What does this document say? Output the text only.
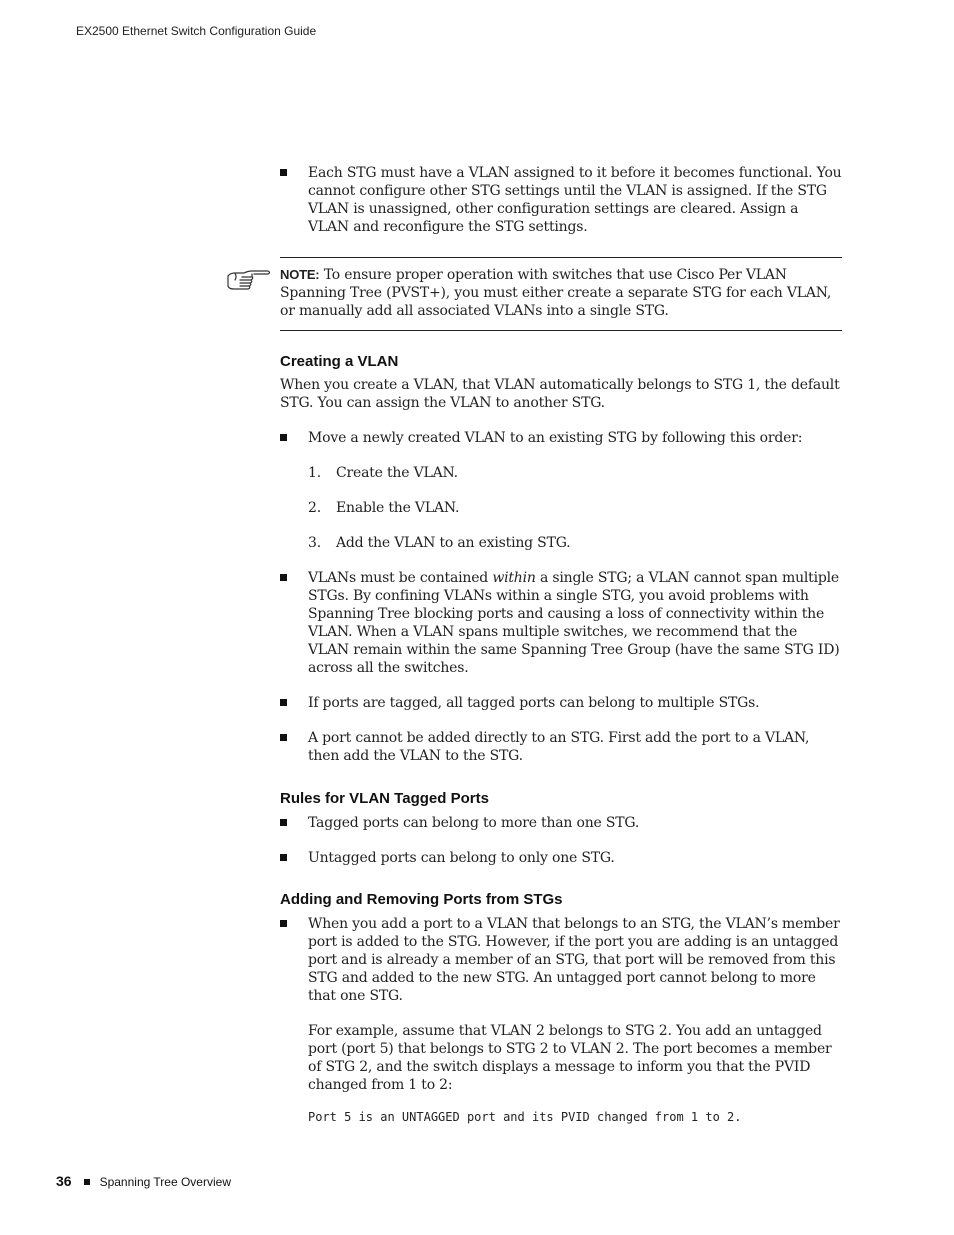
EX2500 Ethernet Switch Configuration Guide
Each STG must have a VLAN assigned to it before it becomes functional. You cannot configure other STG settings until the VLAN is assigned. If the STG VLAN is unassigned, other configuration settings are cleared. Assign a VLAN and reconfigure the STG settings.
NOTE: To ensure proper operation with switches that use Cisco Per VLAN Spanning Tree (PVST+), you must either create a separate STG for each VLAN, or manually add all associated VLANs into a single STG.
Creating a VLAN
When you create a VLAN, that VLAN automatically belongs to STG 1, the default STG. You can assign the VLAN to another STG.
Move a newly created VLAN to an existing STG by following this order:
1. Create the VLAN.
2. Enable the VLAN.
3. Add the VLAN to an existing STG.
VLANs must be contained within a single STG; a VLAN cannot span multiple STGs. By confining VLANs within a single STG, you avoid problems with Spanning Tree blocking ports and causing a loss of connectivity within the VLAN. When a VLAN spans multiple switches, we recommend that the VLAN remain within the same Spanning Tree Group (have the same STG ID) across all the switches.
If ports are tagged, all tagged ports can belong to multiple STGs.
A port cannot be added directly to an STG. First add the port to a VLAN, then add the VLAN to the STG.
Rules for VLAN Tagged Ports
Tagged ports can belong to more than one STG.
Untagged ports can belong to only one STG.
Adding and Removing Ports from STGs
When you add a port to a VLAN that belongs to an STG, the VLAN’s member port is added to the STG. However, if the port you are adding is an untagged port and is already a member of an STG, that port will be removed from this STG and added to the new STG. An untagged port cannot belong to more that one STG.
For example, assume that VLAN 2 belongs to STG 2. You add an untagged port (port 5) that belongs to STG 2 to VLAN 2. The port becomes a member of STG 2, and the switch displays a message to inform you that the PVID changed from 1 to 2:
Port 5 is an UNTAGGED port and its PVID changed from 1 to 2.
36 Spanning Tree Overview
